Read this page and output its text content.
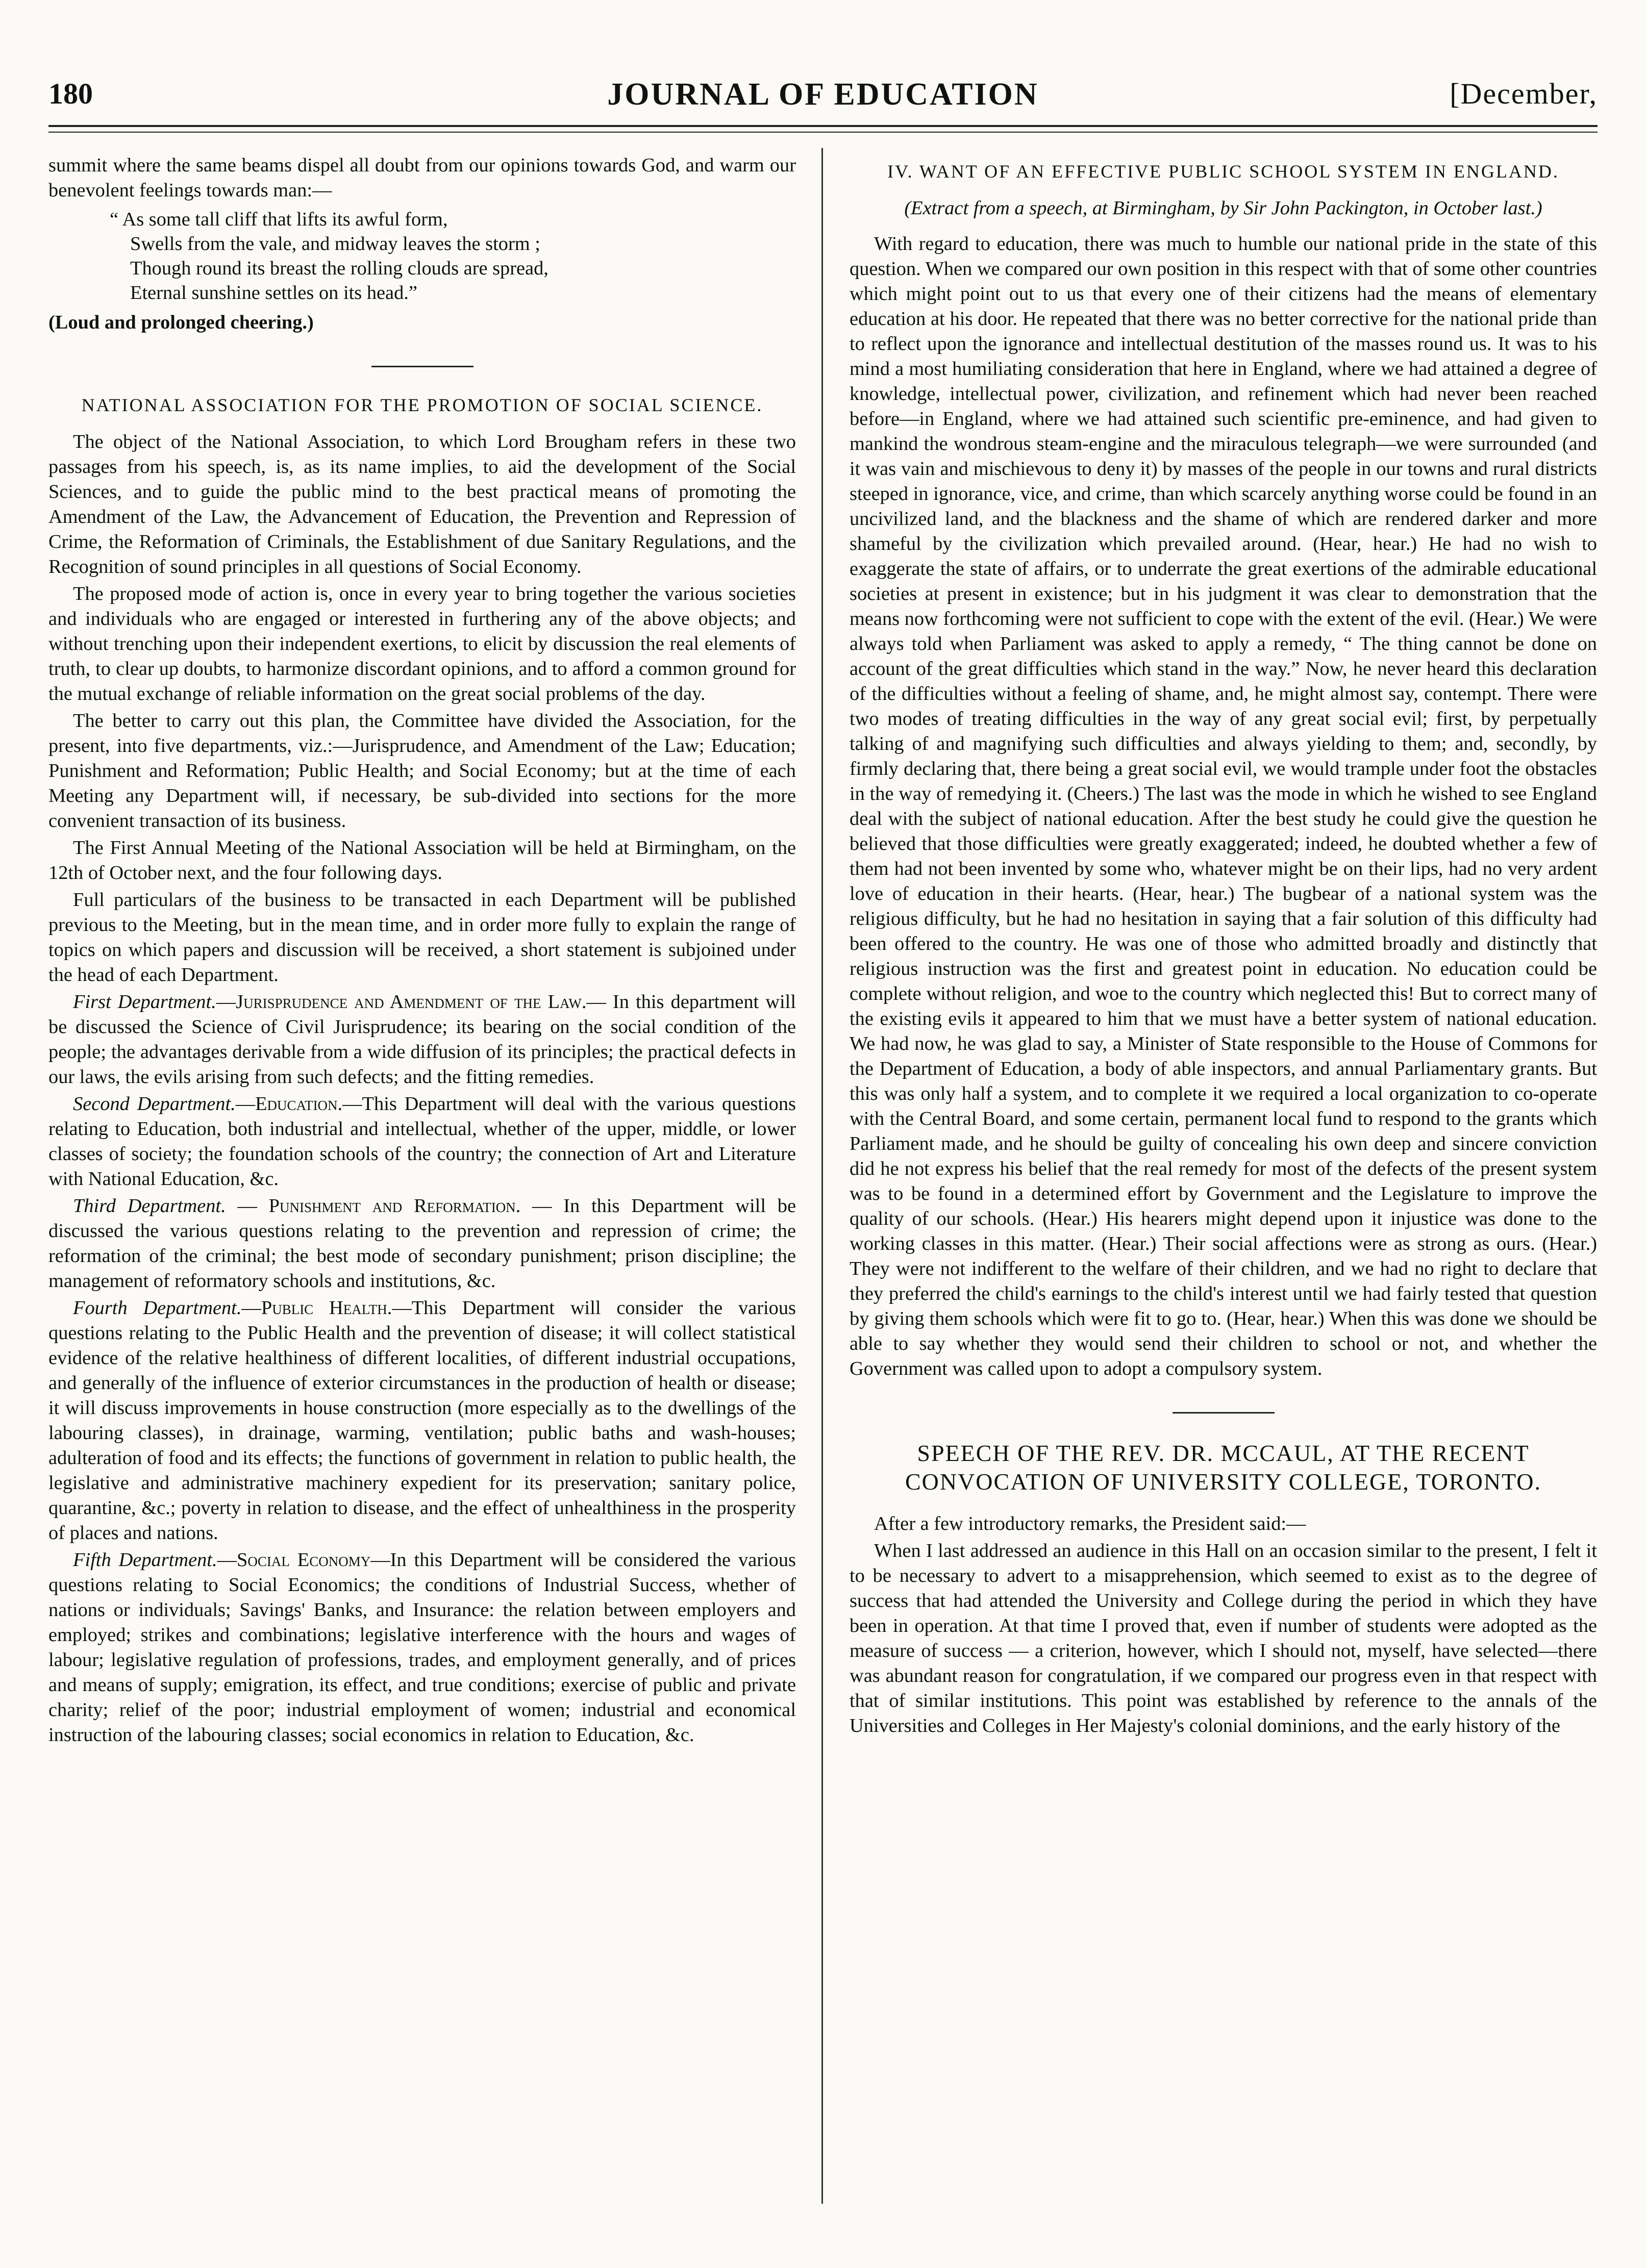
180	JOURNAL OF EDUCATION	[December,

summit where the same beams dispel all doubt from our opinions towards God, and warm our benevolent feelings towards man:—

“ As some tall cliff that lifts its awful form,
Swells from the vale, and midway leaves the storm ;
Though round its breast the rolling clouds are spread,
Eternal sunshine settles on its head.”

(Loud and prolonged cheering.)

NATIONAL ASSOCIATION FOR THE PROMOTION OF SOCIAL SCIENCE.

The object of the National Association, to which Lord Brougham refers in these two passages from his speech, is, as its name implies, to aid the development of the Social Sciences, and to guide the public mind to the best practical means of promoting the Amendment of the Law, the Advancement of Education, the Prevention and Repression of Crime, the Reformation of Criminals, the Establishment of due Sanitary Regulations, and the Recognition of sound principles in all questions of Social Economy.

The proposed mode of action is, once in every year to bring together the various societies and individuals who are engaged or interested in furthering any of the above objects; and without trenching upon their independent exertions, to elicit by discussion the real elements of truth, to clear up doubts, to harmonize discordant opinions, and to afford a common ground for the mutual exchange of reliable information on the great social problems of the day.

The better to carry out this plan, the Committee have divided the Association, for the present, into five departments, viz.:—Jurisprudence, and Amendment of the Law; Education; Punishment and Reformation; Public Health; and Social Economy; but at the time of each Meeting any Department will, if necessary, be sub-divided into sections for the more convenient transaction of its business.

The First Annual Meeting of the National Association will be held at Birmingham, on the 12th of October next, and the four following days.

Full particulars of the business to be transacted in each Department will be published previous to the Meeting, but in the mean time, and in order more fully to explain the range of topics on which papers and discussion will be received, a short statement is subjoined under the head of each Department.

First Department.—Jurisprudence and Amendment of the Law.— In this department will be discussed the Science of Civil Jurisprudence; its bearing on the social condition of the people; the advantages derivable from a wide diffusion of its principles; the practical defects in our laws, the evils arising from such defects; and the fitting remedies.

Second Department.—Education.—This Department will deal with the various questions relating to Education, both industrial and intellectual, whether of the upper, middle, or lower classes of society; the foundation schools of the country; the connection of Art and Literature with National Education, &c.

Third Department. — Punishment and Reformation. — In this Department will be discussed the various questions relating to the prevention and repression of crime; the reformation of the criminal; the best mode of secondary punishment; prison discipline; the management of reformatory schools and institutions, &c.

Fourth Department.—Public Health.—This Department will consider the various questions relating to the Public Health and the prevention of disease; it will collect statistical evidence of the relative healthiness of different localities, of different industrial occupations, and generally of the influence of exterior circumstances in the production of health or disease; it will discuss improvements in house construction (more especially as to the dwellings of the labouring classes), in drainage, warming, ventilation; public baths and wash-houses; adulteration of food and its effects; the functions of government in relation to public health, the legislative and administrative machinery expedient for its preservation; sanitary police, quarantine, &c.; poverty in relation to disease, and the effect of unhealthiness in the prosperity of places and nations.

Fifth Department.—Social Economy—In this Department will be considered the various questions relating to Social Economics; the conditions of Industrial Success, whether of nations or individuals; Savings' Banks, and Insurance: the relation between employers and employed; strikes and combinations; legislative interference with the hours and wages of labour; legislative regulation of professions, trades, and employment generally, and of prices and means of supply; emigration, its effect, and true conditions; exercise of public and private charity; relief of the poor; industrial employment of women; industrial and economical instruction of the labouring classes; social economics in relation to Education, &c.

IV. WANT OF AN EFFECTIVE PUBLIC SCHOOL SYSTEM IN ENGLAND.
(Extract from a speech, at Birmingham, by Sir John Packington, in October last.)

With regard to education, there was much to humble our national pride in the state of this question. When we compared our own position in this respect with that of some other countries which might point out to us that every one of their citizens had the means of elementary education at his door. He repeated that there was no better corrective for the national pride than to reflect upon the ignorance and intellectual destitution of the masses round us. It was to his mind a most humiliating consideration that here in England, where we had attained a degree of knowledge, intellectual power, civilization, and refinement which had never been reached before—in England, where we had attained such scientific pre-eminence, and had given to mankind the wondrous steam-engine and the miraculous telegraph—we were surrounded (and it was vain and mischievous to deny it) by masses of the people in our towns and rural districts steeped in ignorance, vice, and crime, than which scarcely anything worse could be found in an uncivilized land, and the blackness and the shame of which are rendered darker and more shameful by the civilization which prevailed around. (Hear, hear.) He had no wish to exaggerate the state of affairs, or to underrate the great exertions of the admirable educational societies at present in existence; but in his judgment it was clear to demonstration that the means now forthcoming were not sufficient to cope with the extent of the evil. (Hear.) We were always told when Parliament was asked to apply a remedy, “ The thing cannot be done on account of the great difficulties which stand in the way.” Now, he never heard this declaration of the difficulties without a feeling of shame, and, he might almost say, contempt. There were two modes of treating difficulties in the way of any great social evil; first, by perpetually talking of and magnifying such difficulties and always yielding to them; and, secondly, by firmly declaring that, there being a great social evil, we would trample under foot the obstacles in the way of remedying it. (Cheers.) The last was the mode in which he wished to see England deal with the subject of national education. After the best study he could give the question he believed that those difficulties were greatly exaggerated; indeed, he doubted whether a few of them had not been invented by some who, whatever might be on their lips, had no very ardent love of education in their hearts. (Hear, hear.) The bugbear of a national system was the religious difficulty, but he had no hesitation in saying that a fair solution of this difficulty had been offered to the country. He was one of those who admitted broadly and distinctly that religious instruction was the first and greatest point in education. No education could be complete without religion, and woe to the country which neglected this! But to correct many of the existing evils it appeared to him that we must have a better system of national education. We had now, he was glad to say, a Minister of State responsible to the House of Commons for the Department of Education, a body of able inspectors, and annual Parliamentary grants. But this was only half a system, and to complete it we required a local organization to co-operate with the Central Board, and some certain, permanent local fund to respond to the grants which Parliament made, and he should be guilty of concealing his own deep and sincere conviction did he not express his belief that the real remedy for most of the defects of the present system was to be found in a determined effort by Government and the Legislature to improve the quality of our schools. (Hear.) His hearers might depend upon it injustice was done to the working classes in this matter. (Hear.) Their social affections were as strong as ours. (Hear.) They were not indifferent to the welfare of their children, and we had no right to declare that they preferred the child's earnings to the child's interest until we had fairly tested that question by giving them schools which were fit to go to. (Hear, hear.) When this was done we should be able to say whether they would send their children to school or not, and whether the Government was called upon to adopt a compulsory system.

SPEECH OF THE REV. DR. MCCAUL, AT THE RECENT CONVOCATION OF UNIVERSITY COLLEGE, TORONTO.

After a few introductory remarks, the President said:—

When I last addressed an audience in this Hall on an occasion similar to the present, I felt it to be necessary to advert to a misapprehension, which seemed to exist as to the degree of success that had attended the University and College during the period in which they have been in operation. At that time I proved that, even if number of students were adopted as the measure of success — a criterion, however, which I should not, myself, have selected—there was abundant reason for congratulation, if we compared our progress even in that respect with that of similar institutions. This point was established by reference to the annals of the Universities and Colleges in Her Majesty's colonial dominions, and the early history of the
